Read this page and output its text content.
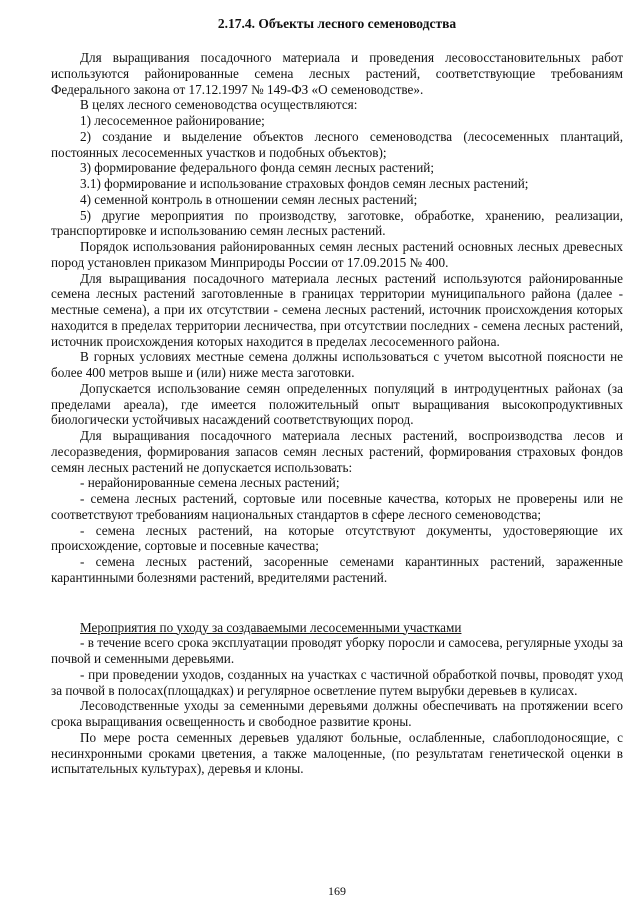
2.17.4. Объекты лесного семеноводства

Для выращивания посадочного материала и проведения лесовосстановительных работ используются районированные семена лесных растений, соответствующие требованиям Федерального закона от 17.12.1997 № 149-ФЗ «О семеноводстве».

В целях лесного семеноводства осуществляются:

1) лесосеменное районирование;

2) создание и выделение объектов лесного семеноводства (лесосеменных плантаций, постоянных лесосеменных участков и подобных объектов);

3) формирование федерального фонда семян лесных растений;

3.1) формирование и использование страховых фондов семян лесных растений;

4) семенной контроль в отношении семян лесных растений;

5) другие мероприятия по производству, заготовке, обработке, хранению, реализации, транспортировке и использованию семян лесных растений.

Порядок использования районированных семян лесных растений основных лесных древесных пород установлен приказом Минприроды России от 17.09.2015 № 400.

Для выращивания посадочного материала лесных растений используются районированные семена лесных растений заготовленные в границах территории муниципального района (далее - местные семена), а при их отсутствии - семена лесных растений, источник происхождения которых находится в пределах территории лесничества, при отсутствии последних - семена лесных растений, источник происхождения которых находится в пределах лесосеменного района.

В горных условиях местные семена должны использоваться с учетом высотной поясности не более 400 метров выше и (или) ниже места заготовки.

Допускается использование семян определенных популяций в интродуцентных районах (за пределами ареала), где имеется положительный опыт выращивания высокопродуктивных биологически устойчивых насаждений соответствующих пород.

Для выращивания посадочного материала лесных растений, воспроизводства лесов и лесоразведения, формирования запасов семян лесных растений, формирования страховых фондов семян лесных растений не допускается использовать:

- нерайонированные семена лесных растений;

- семена лесных растений, сортовые или посевные качества, которых не проверены или не соответствуют требованиям национальных стандартов в сфере лесного семеноводства;

- семена лесных растений, на которые отсутствуют документы, удостоверяющие их происхождение, сортовые и посевные качества;

- семена лесных растений, засоренные семенами карантинных растений, зараженные карантинными болезнями растений, вредителями растений.

Мероприятия по уходу за создаваемыми лесосеменными участками

- в течение всего срока эксплуатации проводят уборку поросли и самосева, регулярные уходы за почвой и семенными деревьями.

- при проведении уходов, созданных на участках с частичной обработкой почвы, проводят уход за почвой в полосах(площадках) и регулярное осветление путем вырубки деревьев в кулисах.

Лесоводственные уходы за семенными деревьями должны обеспечивать на протяжении всего срока выращивания освещенность и свободное развитие кроны.

По мере роста семенных деревьев удаляют больные, ослабленные, слабоплодоносящие, с несинхронными сроками цветения, а также малоценные, (по результатам генетической оценки в испытательных культурах), деревья и клоны.

169
